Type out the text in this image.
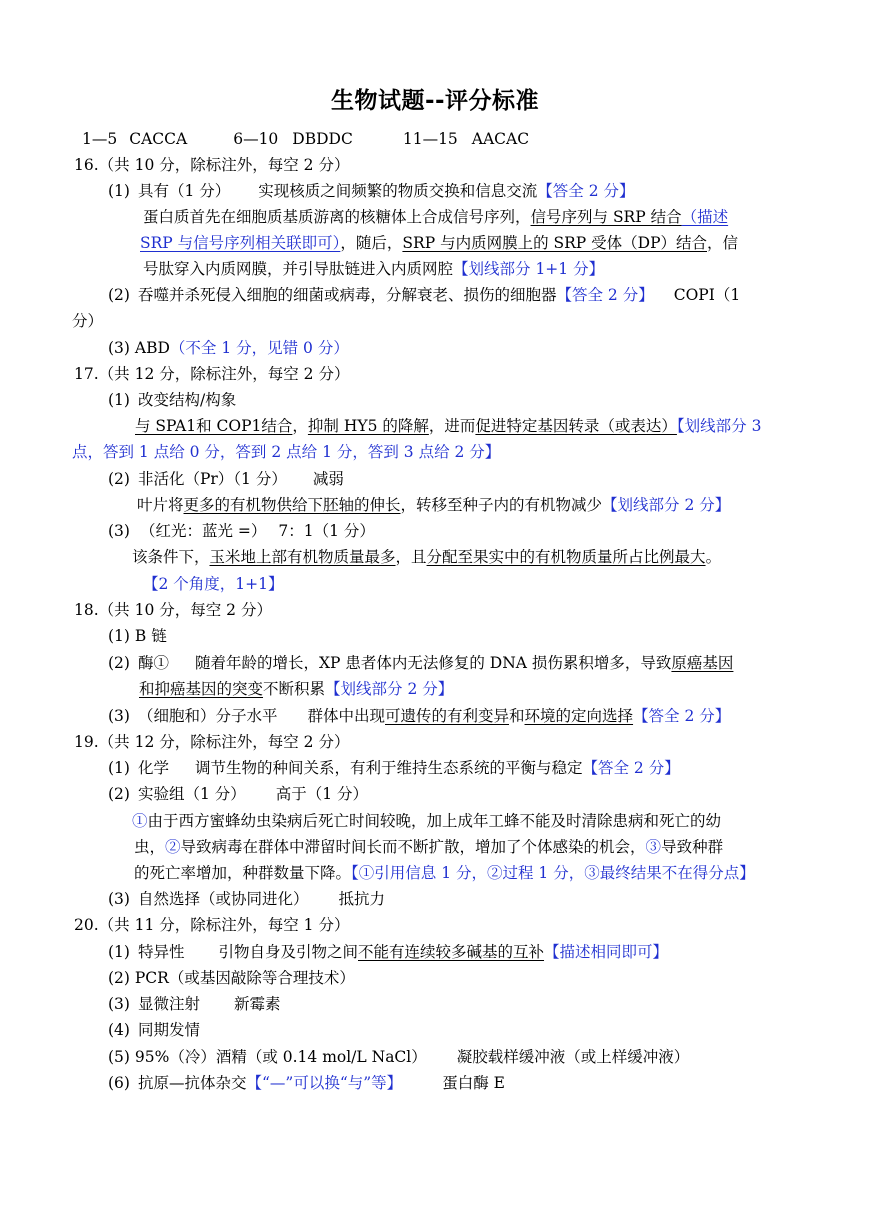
生物试题--评分标准
1—5 CACCA	6—10 DBDDC	11—15 AACAC
16.（共 10 分，除标注外，每空 2 分）
(1) 具有（1 分） 实现核质之间频繁的物质交换和信息交流【答全 2 分】
蛋白质首先在细胞质基质游离的核糖体上合成信号序列，信号序列与 SRP 结合（描述
SRP 与信号序列相关联即可），随后，SRP 与内质网膜上的 SRP 受体（DP）结合，信
号肽穿入内质网膜，并引导肽链进入内质网腔【划线部分 1+1 分】
(2) 吞噬并杀死侵入细胞的细菌或病毒，分解衰老、损伤的细胞器【答全 2 分】 COPI（1
分）
(3) ABD（不全 1 分，见错 0 分）
17.（共 12 分，除标注外，每空 2 分）
(1) 改变结构/构象
与 SPA1和 COP1结合，抑制 HY5 的降解，进而促进特定基因转录（或表达）【划线部分 3
点，答到 1 点给 0 分，答到 2 点给 1 分，答到 3 点给 2 分】
(2) 非活化（Pr）（1 分） 减弱
叶片将更多的有机物供给下胚轴的伸长，转移至种子内的有机物减少【划线部分 2 分】
(3) （红光：蓝光 =） 7：1（1 分）
该条件下，玉米地上部有机物质量最多，且分配至果实中的有机物质量所占比例最大。
【2 个角度，1+1】
18.（共 10 分，每空 2 分）
(1) B 链
(2) 酶① 随着年龄的增长，XP 患者体内无法修复的 DNA 损伤累积增多，导致原癌基因
和抑癌基因的突变不断积累【划线部分 2 分】
(3) （细胞和）分子水平 群体中出现可遗传的有利变异和环境的定向选择【答全 2 分】
19.（共 12 分，除标注外，每空 2 分）
(1) 化学 调节生物的种间关系，有利于维持生态系统的平衡与稳定【答全 2 分】
(2) 实验组（1 分） 高于（1 分）
①由于西方蜜蜂幼虫染病后死亡时间较晚，加上成年工蜂不能及时清除患病和死亡的幼
虫，②导致病毒在群体中滞留时间长而不断扩散，增加了个体感染的机会，③导致种群
的死亡率增加，种群数量下降。【①引用信息 1 分，②过程 1 分，③最终结果不在得分点】
(3) 自然选择（或协同进化） 抵抗力
20.（共 11 分，除标注外，每空 1 分）
(1) 特异性 引物自身及引物之间不能有连续较多碱基的互补【描述相同即可】
(2) PCR（或基因敲除等合理技术）
(3) 显微注射 新霉素
(4) 同期发情
(5) 95%（冷）酒精（或 0.14 mol/L NaCl） 凝胶载样缓冲液（或上样缓冲液）
(6) 抗原—抗体杂交【“—”可以换“与”等】	蛋白酶 E
